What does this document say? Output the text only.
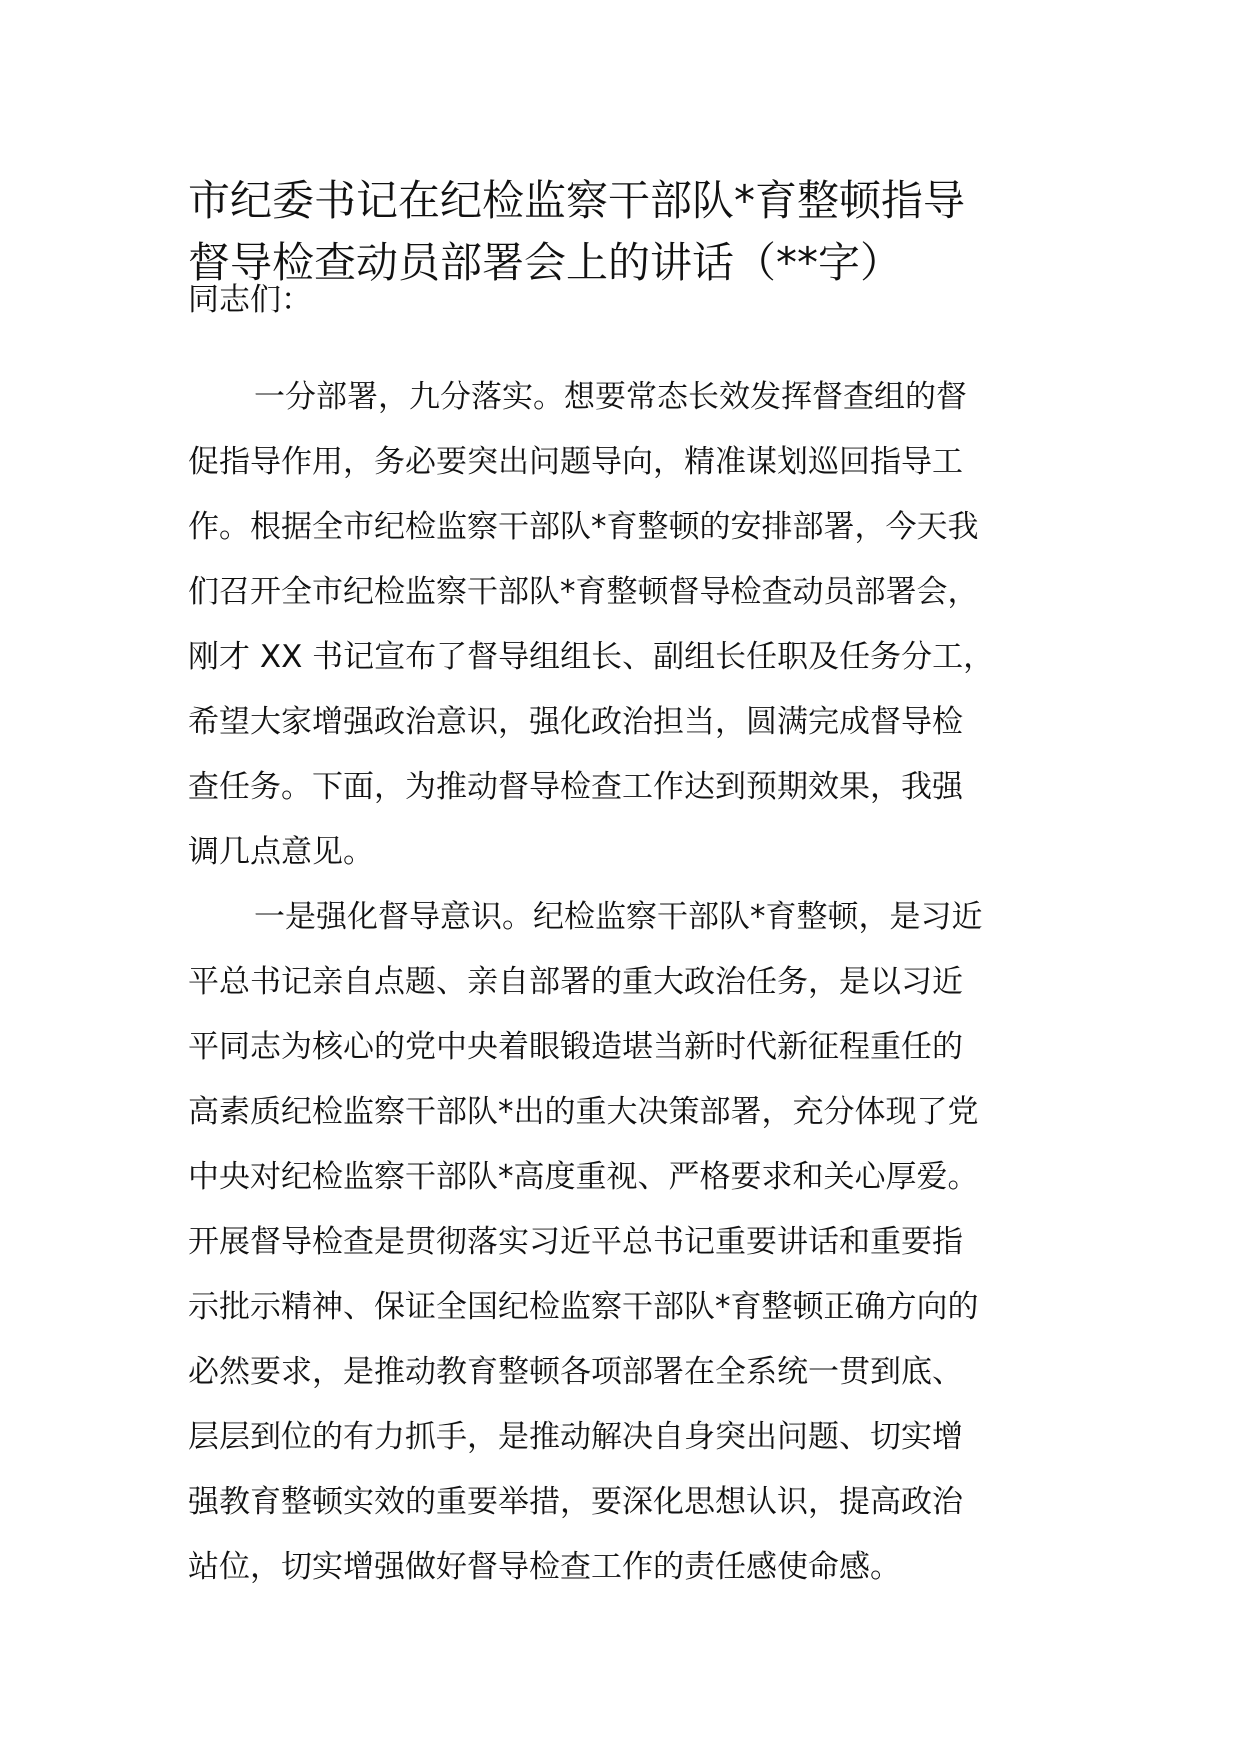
市纪委书记在纪检监察干部队*育整顿指导
督导检查动员部署会上的讲话（**字）

同志们：

一分部署，九分落实。想要常态长效发挥督查组的督
促指导作用，务必要突出问题导向，精准谋划巡回指导工
作。根据全市纪检监察干部队*育整顿的安排部署，今天我
们召开全市纪检监察干部队*育整顿督导检查动员部署会，
刚才 XX 书记宣布了督导组组长、副组长任职及任务分工，
希望大家增强政治意识，强化政治担当，圆满完成督导检
查任务。下面，为推动督导检查工作达到预期效果，我强
调几点意见。

一是强化督导意识。纪检监察干部队*育整顿，是习近
平总书记亲自点题、亲自部署的重大政治任务，是以习近
平同志为核心的党中央着眼锻造堪当新时代新征程重任的
高素质纪检监察干部队*出的重大决策部署，充分体现了党
中央对纪检监察干部队*高度重视、严格要求和关心厚爱。
开展督导检查是贯彻落实习近平总书记重要讲话和重要指
示批示精神、保证全国纪检监察干部队*育整顿正确方向的
必然要求，是推动教育整顿各项部署在全系统一贯到底、
层层到位的有力抓手，是推动解决自身突出问题、切实增
强教育整顿实效的重要举措，要深化思想认识，提高政治
站位，切实增强做好督导检查工作的责任感使命感。
